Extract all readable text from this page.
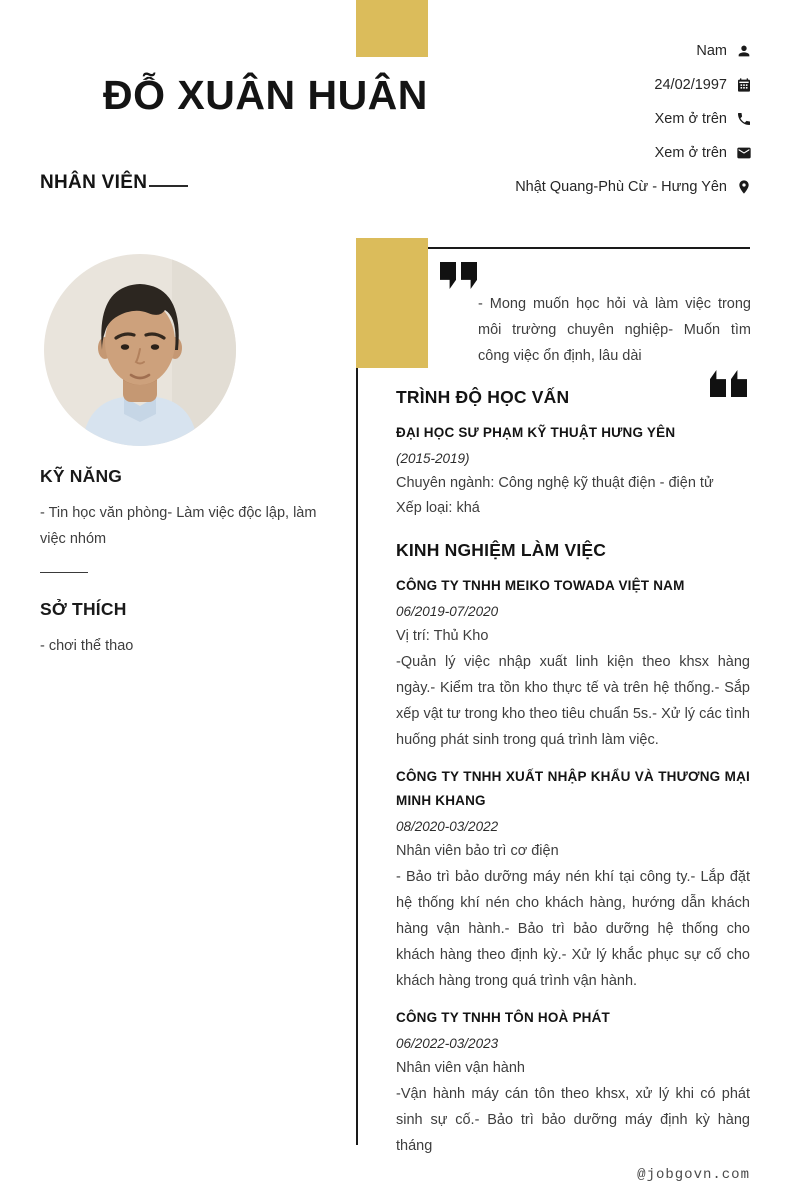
ĐỖ XUÂN HUÂN
NHÂN VIÊN
Nam
24/02/1997
Xem ở trên
Xem ở trên
Nhật Quang-Phù Cừ - Hưng Yên
KỸ NĂNG

- Tin học văn phòng- Làm việc độc lập, làm việc nhóm

SỞ THÍCH

- chơi thể thao

- Mong muốn học hỏi và làm việc trong môi trường chuyên nghiệp- Muốn tìm công việc ổn định, lâu dài
TRÌNH ĐỘ HỌC VẤN
ĐẠI HỌC SƯ PHẠM KỸ THUẬT HƯNG YÊN

(2015-2019)

Chuyên ngành: Công nghệ kỹ thuật điện - điện tử

Xếp loại: khá

KINH NGHIỆM LÀM VIỆC
CÔNG TY TNHH MEIKO TOWADA VIỆT NAM

06/2019-07/2020

Vị trí: Thủ Kho

-Quản lý việc nhập xuất linh kiện theo khsx hàng ngày.- Kiểm tra tồn kho thực tế và trên hệ thống.- Sắp xếp vật tư trong kho theo tiêu chuẩn 5s.- Xử lý các tình huống phát sinh trong quá trình làm việc.

CÔNG TY TNHH XUẤT NHẬP KHẨU VÀ THƯƠNG MẠI MINH KHANG

08/2020-03/2022

Nhân viên bảo trì cơ điện

- Bảo trì bảo dưỡng máy nén khí tại công ty.- Lắp đặt hệ thống khí nén cho khách hàng, hướng dẫn khách hàng vận hành.- Bảo trì bảo dưỡng hệ thống cho khách hàng theo định kỳ.- Xử lý khắc phục sự cố cho khách hàng trong quá trình vận hành.

CÔNG TY TNHH TÔN HOÀ PHÁT

06/2022-03/2023

Nhân viên vận hành

-Vận hành máy cán tôn theo khsx, xử lý khi có phát sinh sự cố.- Bảo trì bảo dưỡng máy định kỳ hàng tháng

@jobgovn.com
